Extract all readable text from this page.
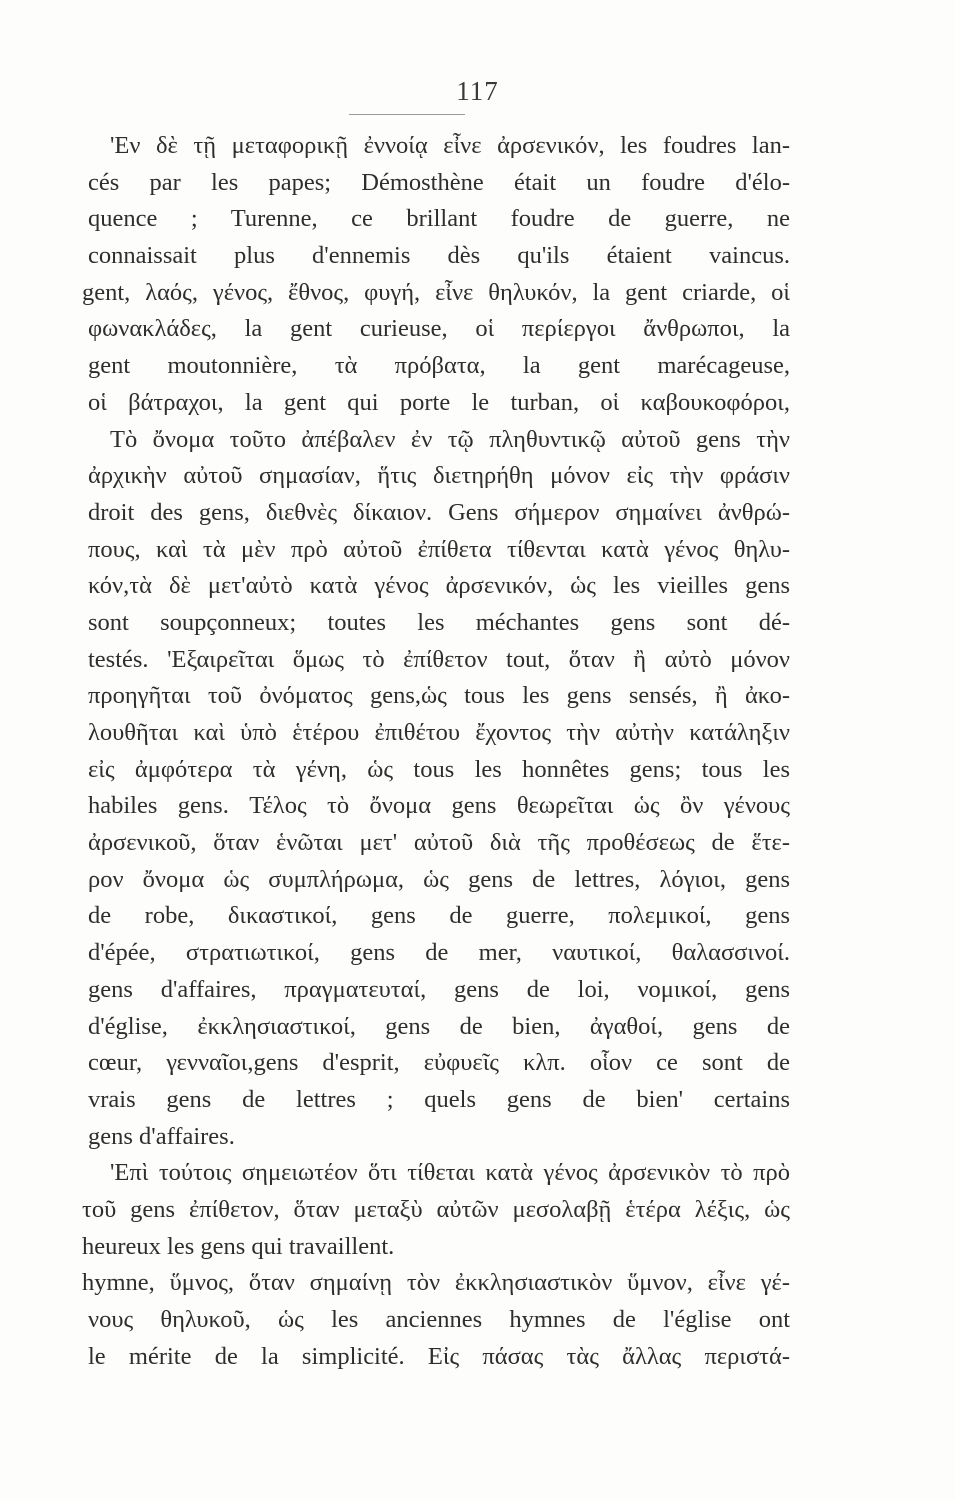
117
'Εν δὲ τῇ μεταφορικῇ ἐννοίᾳ εἶνε ἀρσενικόν, les foudres lan-
cés par les papes; Démosthène était un foudre d'élo-
quence ; Turenne, ce brillant foudre de guerre, ne
connaissait plus d'ennemis dès qu'ils étaient vaincus.
gent, λαός, γένος, ἔθνος, φυγή, εἶνε θηλυκόν, la gent criarde, οἱ
φωνακλάδες, la gent curieuse, οἱ περίεργοι ἄνθρωποι, la
gent moutonnière, τὰ πρόβατα, la gent marécageuse,
οἱ βάτραχοι, la gent qui porte le turban, οἱ καβουκοφόροι,
Τὸ ὄνομα τοῦτο ἀπέβαλεν ἐν τῷ πληθυντικῷ αὐτοῦ gens τὴν
ἀρχικὴν αὐτοῦ σημασίαν, ἥτις διετηρήθη μόνον εἰς τὴν φράσιν
droit des gens, διεθνὲς δίκαιον. Gens σήμερον σημαίνει ἀνθρώ-
πους, καὶ τὰ μὲν πρὸ αὐτοῦ ἐπίθετα τίθενται κατὰ γένος θηλυ-
κόν,τὰ δὲ μετ'αὐτὸ κατὰ γένος ἀρσενικόν, ὡς les vieilles gens
sont soupçonneux; toutes les méchantes gens sont dé-
testés. 'Εξαιρεῖται ὅμως τὸ ἐπίθετον tout, ὅταν ἢ αὐτὸ μόνον
προηγῆται τοῦ ὀνόματος gens,ὡς tous les gens sensés, ἢ ἀκο-
λουθῆται καὶ ὑπὸ ἑτέρου ἐπιθέτου ἔχοντος τὴν αὐτὴν κατάληξιν
εἰς ἀμφότερα τὰ γένη, ὡς tous les honnêtes gens; tous les
habiles gens. Τέλος τὸ ὄνομα gens θεωρεῖται ὡς ὂν γένους
ἀρσενικοῦ, ὅταν ἑνῶται μετ' αὐτοῦ διὰ τῆς προθέσεως de ἕτε-
ρον ὄνομα ὡς συμπλήρωμα, ὡς gens de lettres, λόγιοι, gens
de robe, δικαστικοί, gens de guerre, πολεμικοί, gens
d'épée, στρατιωτικοί, gens de mer, ναυτικοί, θαλασσινοί.
gens d'affaires, πραγματευταί, gens de loi, νομικοί, gens
d'église, ἐκκλησιαστικοί, gens de bien, ἀγαθοί, gens de
cœur, γενναῖοι,gens d'esprit, εὐφυεῖς κλπ. οἷον ce sont de
vrais gens de lettres ; quels gens de bien' certains
gens d'affaires.
'Επὶ τούτοις σημειωτέον ὅτι τίθεται κατὰ γένος ἀρσενικὸν τὸ πρὸ
τοῦ gens ἐπίθετον, ὅταν μεταξὺ αὐτῶν μεσολαβῇ ἑτέρα λέξις, ὡς
heureux les gens qui travaillent.
hymne, ὕμνος, ὅταν σημαίνῃ τὸν ἐκκλησιαστικὸν ὕμνον, εἶνε γέ-
νους θηλυκοῦ, ὡς les anciennes hymnes de l'église ont
le mérite de la simplicité. Εἰς πάσας τὰς ἄλλας περιστά-
